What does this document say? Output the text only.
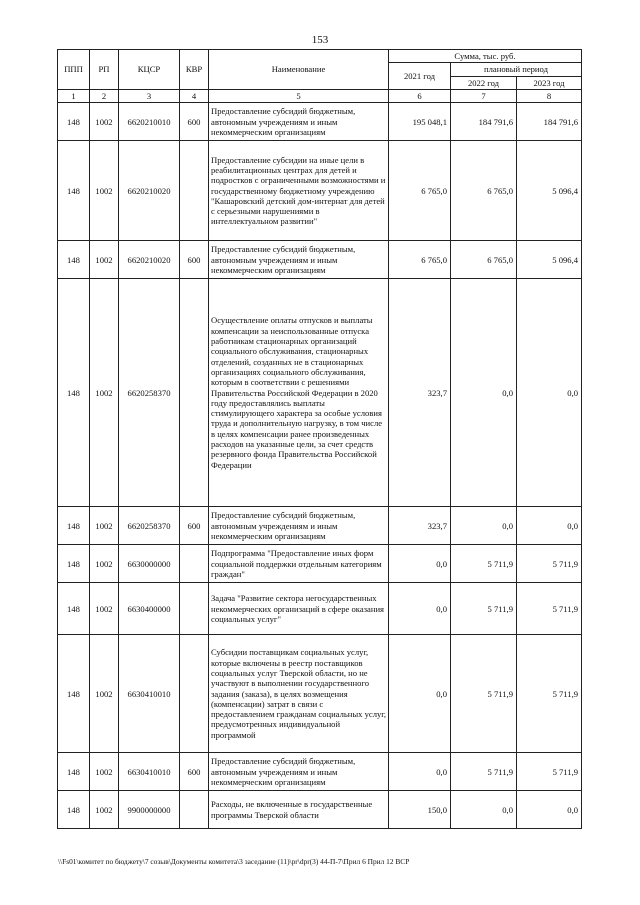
153
ППП	РП	КЦСР	КВР	Наименование	Сумма, тыс. руб.		
					2021 год	плановый период	
						2022 год	2023 год
1	2	3	4	5	6	7	8
148	1002	6620210010	600	Предоставление субсидий бюджетным, автономным учреждениям и иным некоммерческим организациям	195 048,1	184 791,6	184 791,6
148	1002	6620210020		Предоставление субсидии на иные цели в реабилитационных центрах для детей и подростков с ограниченными возможностями и государственному бюджетному учреждению "Кашаровский детский дом-интернат для детей с серьезными нарушениями в интеллектуальном развитии"	6 765,0	6 765,0	5 096,4
148	1002	6620210020	600	Предоставление субсидий бюджетным, автономным учреждениям и иным некоммерческим организациям	6 765,0	6 765,0	5 096,4
148	1002	6620258370		Осуществление оплаты отпусков и выплаты компенсации за неиспользованные отпуска работникам стационарных организаций социального обслуживания, стационарных отделений, созданных не в стационарных организациях социального обслуживания, которым в соответствии с решениями Правительства Российской Федерации в 2020 году предоставлялись выплаты стимулирующего характера за особые условия труда и дополнительную нагрузку, в том числе в целях компенсации ранее произведенных расходов на указанные цели, за счет средств резервного фонда Правительства Российской Федерации	323,7	0,0	0,0
148	1002	6620258370	600	Предоставление субсидий бюджетным, автономным учреждениям и иным некоммерческим организациям	323,7	0,0	0,0
148	1002	6630000000		Подпрограмма "Предоставление иных форм социальной поддержки отдельным категориям граждан"	0,0	5 711,9	5 711,9
148	1002	6630400000		Задача "Развитие сектора негосударственных некоммерческих организаций в сфере оказания социальных услуг"	0,0	5 711,9	5 711,9
148	1002	6630410010		Субсидии поставщикам социальных услуг, которые включены в реестр поставщиков социальных услуг Тверской области, но не участвуют в выполнении государственного задания (заказа), в целях возмещения (компенсации) затрат в связи с предоставлением гражданам социальных услуг, предусмотренных индивидуальной программой	0,0	5 711,9	5 711,9
148	1002	6630410010	600	Предоставление субсидий бюджетным, автономным учреждениям и иным некоммерческим организациям	0,0	5 711,9	5 711,9
148	1002	9900000000		Расходы, не включенные в государственные программы Тверской области	150,0	0,0	0,0
\\Fs01\комитет по бюджету\7 созыв\Документы комитета\3 заседание (11)\pr\dpr(3) 44-П-7\Прил 6 Прил 12 ВСР
